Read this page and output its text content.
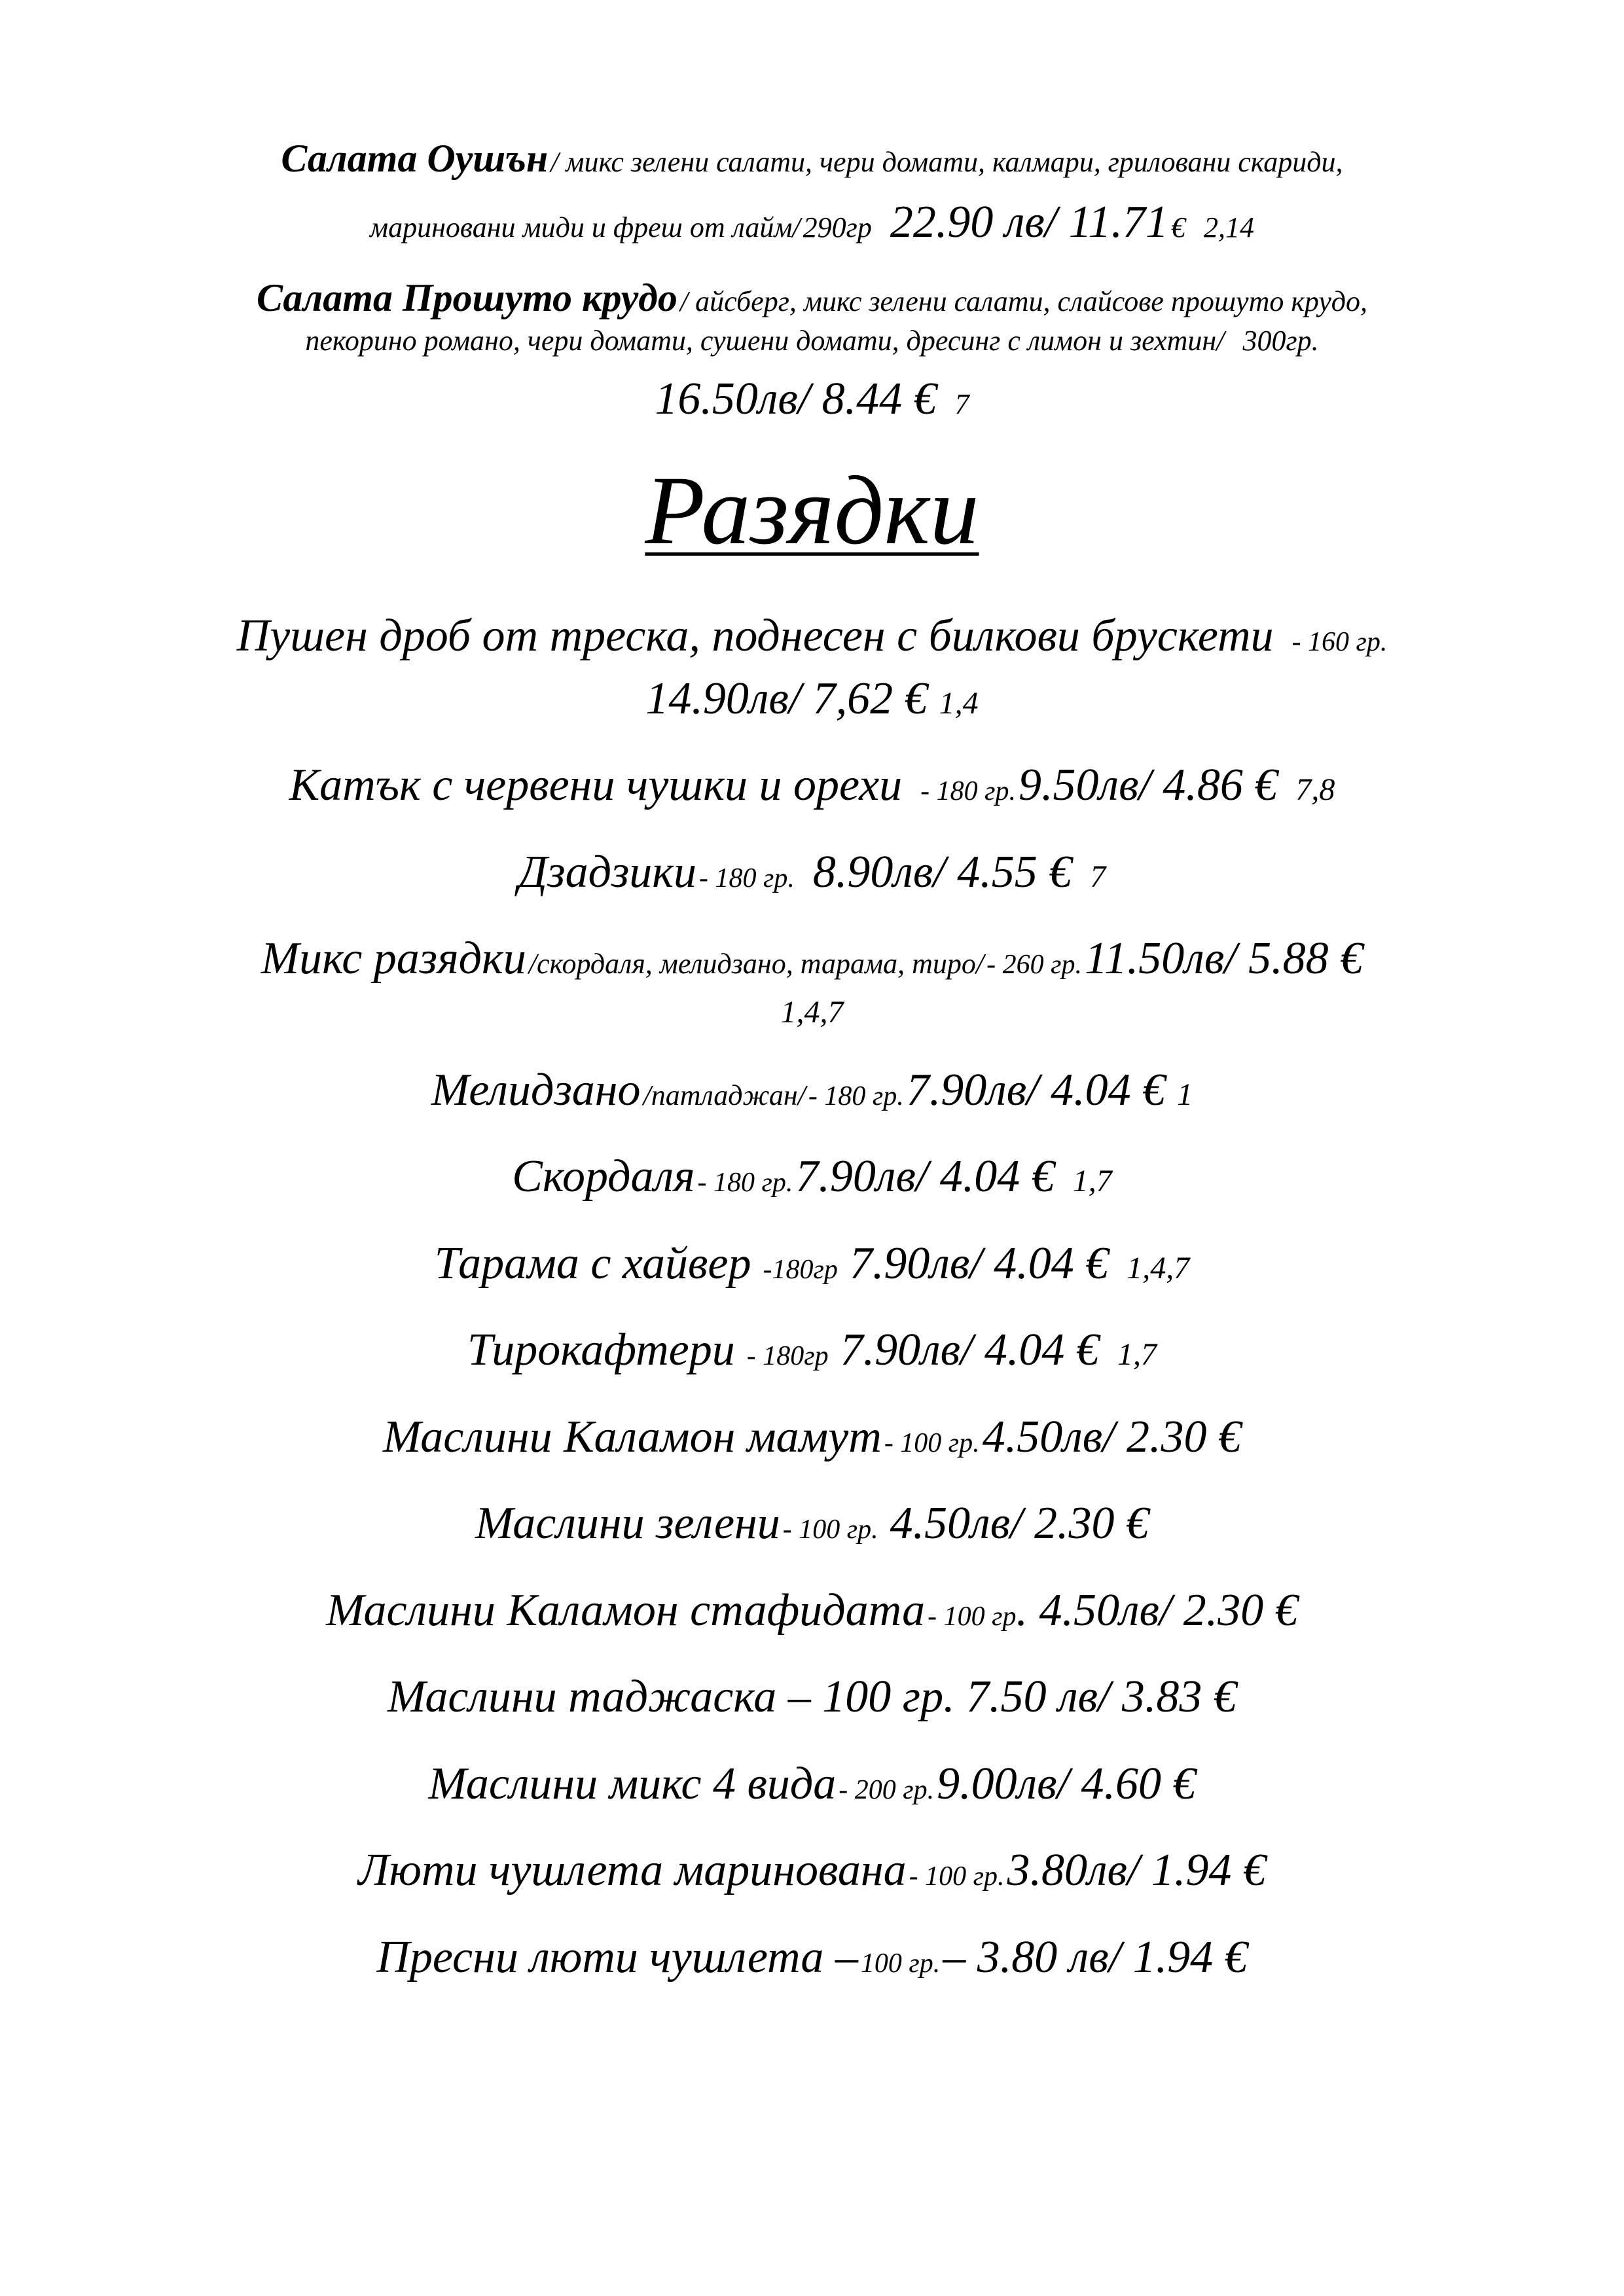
Салата Оушън / микс зелени салати, чери домати, калмари, гриловани скариди,
мариновани миди и фреш от лайм/ 290гр 22.90 лв/ 11.71 € 2,14
Салата Прошуто крудо / айсберг, микс зелени салати, слайсове прошуто крудо,
пекорино романо, чери домати, сушени домати, дресинг с лимон и зехтин/ 300гр.
16.50лв/ 8.44 € 7
Разядки
Пушен дроб от треска, поднесен с билкови брускети - 160 гр.
14.90лв/ 7,62 € 1,4
Катък с червени чушки и орехи - 180 гр. 9.50лв/ 4.86 € 7,8
Дзадзики - 180 гр. 8.90лв/ 4.55 € 7
Микс разядки /скордаля, мелидзано, тарама, тиро/ - 260 гр. 11.50лв/ 5.88 €
1,4,7
Мелидзано /патладжан/ - 180 гр. 7.90лв/ 4.04 € 1
Скордаля - 180 гр. 7.90лв/ 4.04 € 1,7
Тарама с хайвер -180гр 7.90лв/ 4.04 € 1,4,7
Тирокафтери - 180гр 7.90лв/ 4.04 € 1,7
Маслини Каламон мамут - 100 гр. 4.50лв/ 2.30 €
Маслини зелени - 100 гр. 4.50лв/ 2.30 €
Маслини Каламон стафидата - 100 гр. 4.50лв/ 2.30 €
Маслини таджаска – 100 гр. 7.50 лв/ 3.83 €
Маслини микс 4 вида - 200 гр. 9.00лв/ 4.60 €
Люти чушлета маринована - 100 гр. 3.80лв/ 1.94 €
Пресни люти чушлета – 100 гр. – 3.80 лв/ 1.94 €
